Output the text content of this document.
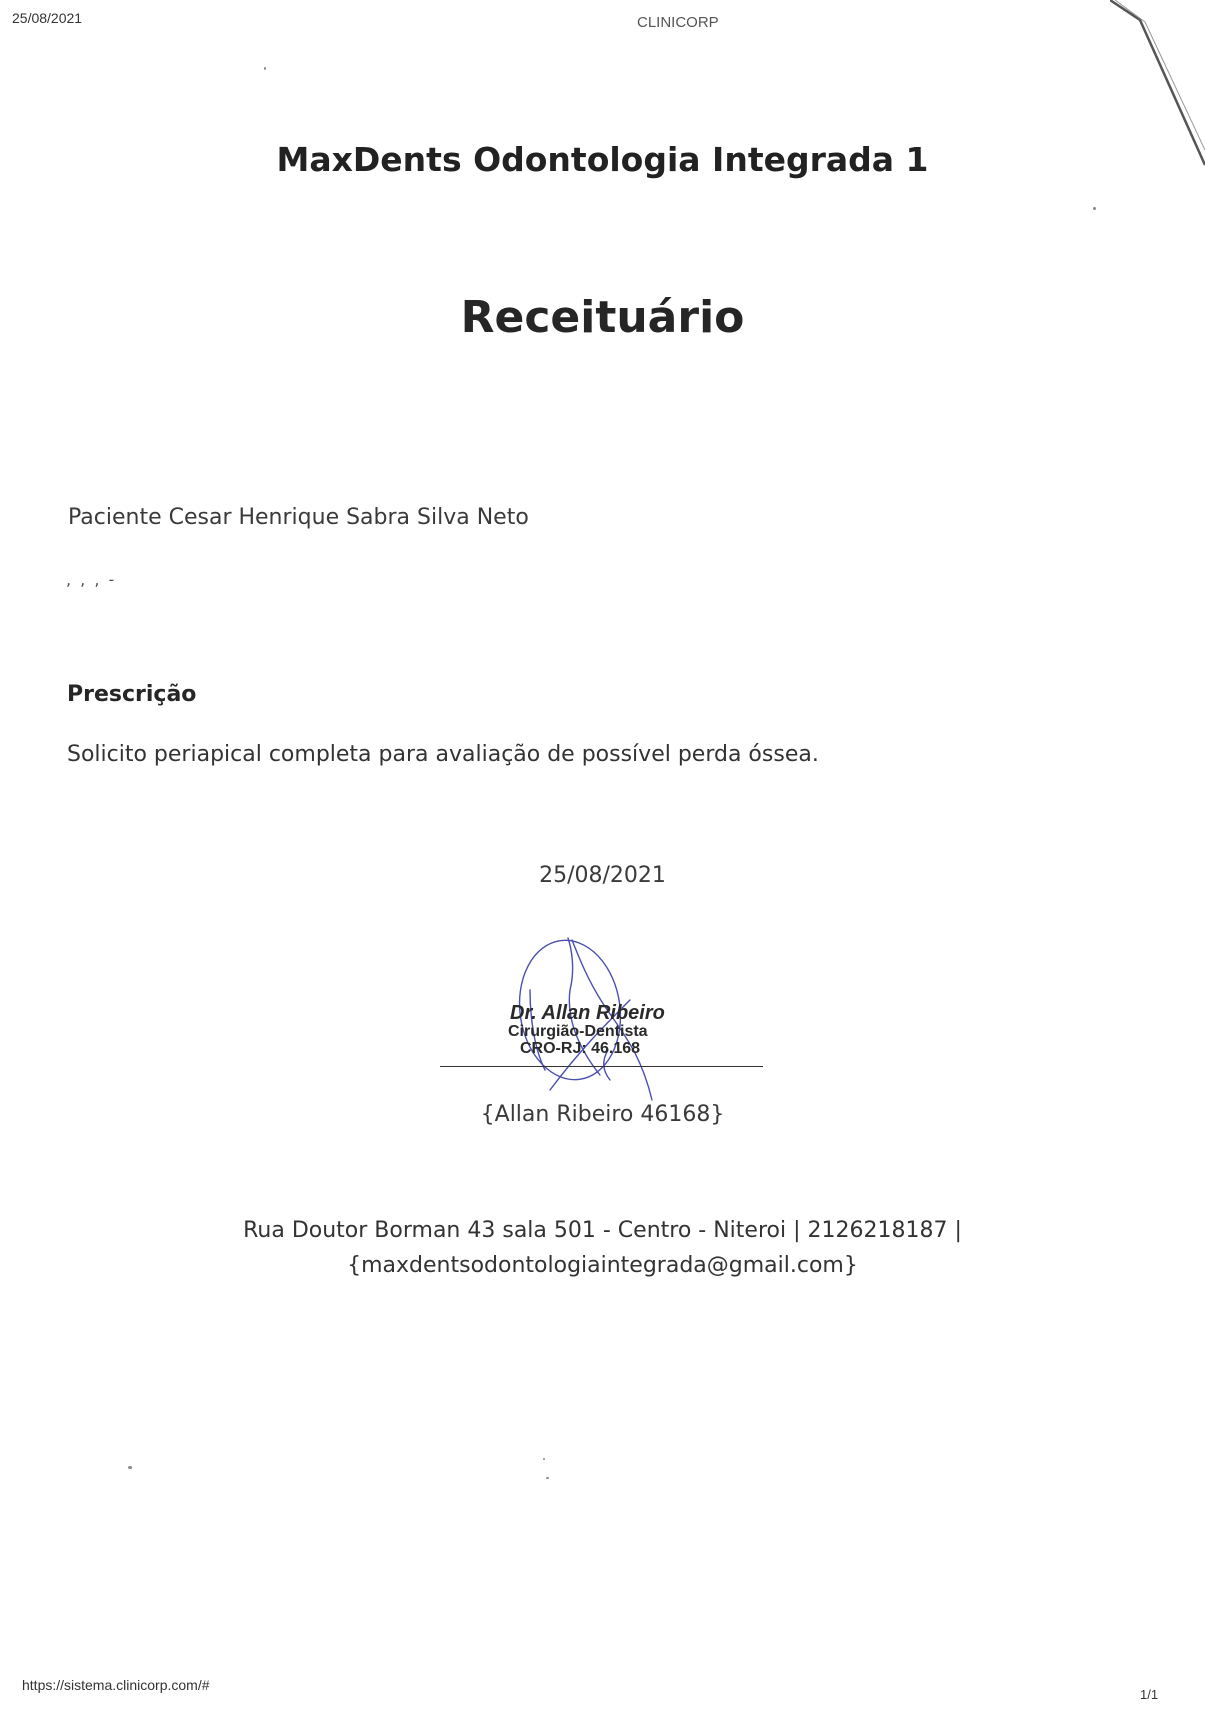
25/08/2021	CLINICORP
MaxDents Odontologia Integrada 1
Receituário
Paciente Cesar Henrique Sabra Silva Neto
, , , -
Prescrição
Solicito periapical completa para avaliação de possível perda óssea.
25/08/2021
Dr. Allan Ribeiro
Cirurgião-Dentista
CRO-RJ: 46.168
{Allan Ribeiro 46168}
Rua Doutor Borman 43 sala 501 - Centro - Niteroi | 2126218187 |
{maxdentsodontologiaintegrada@gmail.com}
https://sistema.clinicorp.com/#
1/1
